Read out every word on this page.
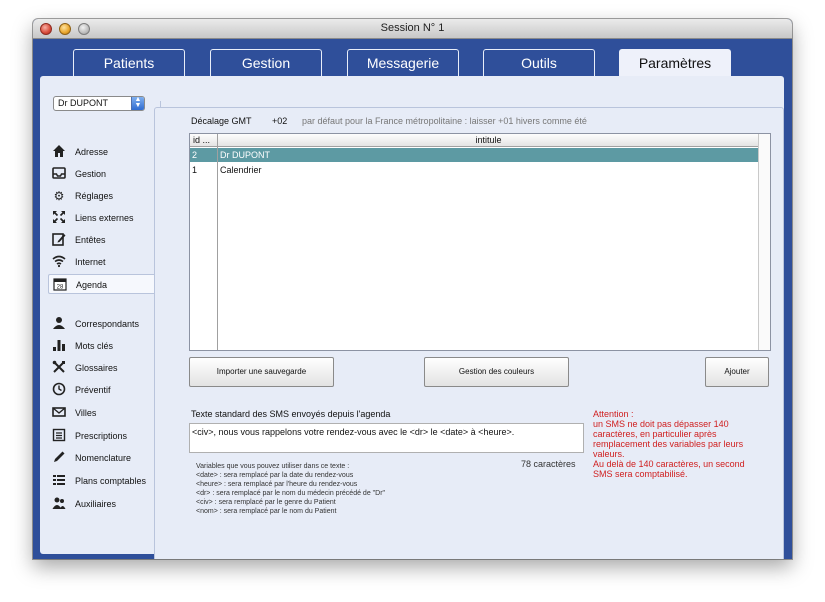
Session N° 1
Patients	Gestion	Messagerie	Outils	Paramètres
Dr DUPONT	▲
▼
Adresse
Gestion
⚙ Réglages
Liens externes
Entêtes
Internet
28 Agenda
Correspondants
Mots clés
Glossaires
Préventif
Villes
Prescriptions
Nomenclature
Plans comptables
Auxiliaires
Décalage GMT +02 par défaut pour la France métropolitaine : laisser +01 hivers comme été
id ...	intitule
2	Dr DUPONT
1	Calendrier
Importer une sauvegarde	Gestion des couleurs	Ajouter
Texte standard des SMS envoyés depuis l'agenda
<civ>, nous vous rappelons votre rendez-vous avec le <dr> le <date> à <heure>.
78 caractères
Variables que vous pouvez utiliser dans ce texte :
<date> : sera remplacé par la date du rendez-vous
<heure> : sera remplacé par l'heure du rendez-vous
<dr> : sera remplacé par le nom du médecin précédé de "Dr"
<civ> : sera remplacé par le genre du Patient
<nom> : sera remplacé par le nom du Patient
Attention :
un SMS ne doit pas dépasser 140
caractères, en particulier après
remplacement des variables par leurs
valeurs.
Au delà de 140 caractères, un second
SMS sera comptabilisé.
